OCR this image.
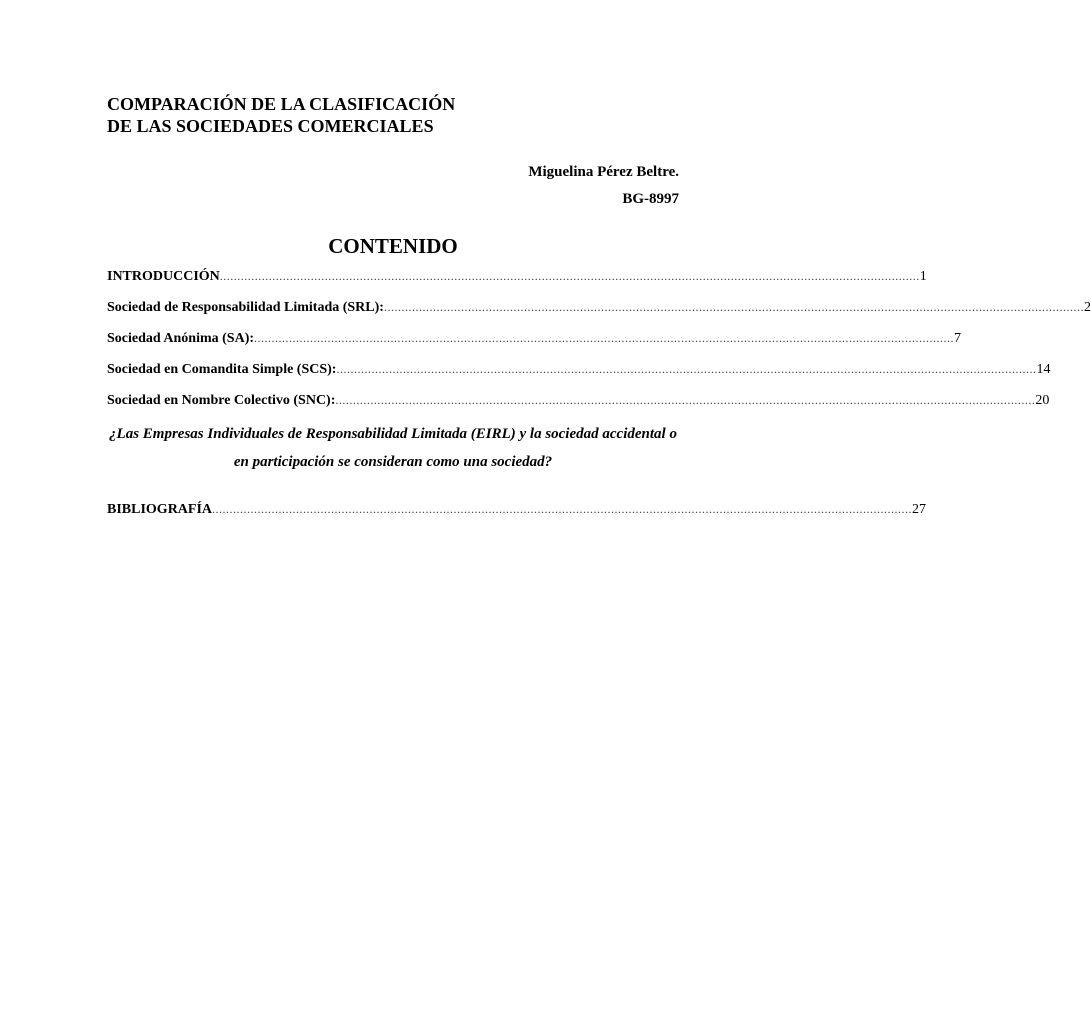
COMPARACIÓN DE LA CLASIFICACIÓN
DE LAS SOCIEDADES COMERCIALES
Miguelina Pérez Beltre.
BG-8997
CONTENIDO
INTRODUCCIÓN ........................................................................................................................................................................................................ 1
Sociedad de Responsabilidad Limitada (SRL): ........................................................................................................................................................................................................ 2
Sociedad Anónima (SA): ........................................................................................................................................................................................................ 7
Sociedad en Comandita Simple (SCS): ........................................................................................................................................................................................................ 14
Sociedad en Nombre Colectivo (SNC): ........................................................................................................................................................................................................ 20
¿Las Empresas Individuales de Responsabilidad Limitada (EIRL) y la sociedad accidental o
en participación se consideran como una sociedad?
BIBLIOGRAFÍA ........................................................................................................................................................................................................ 27
